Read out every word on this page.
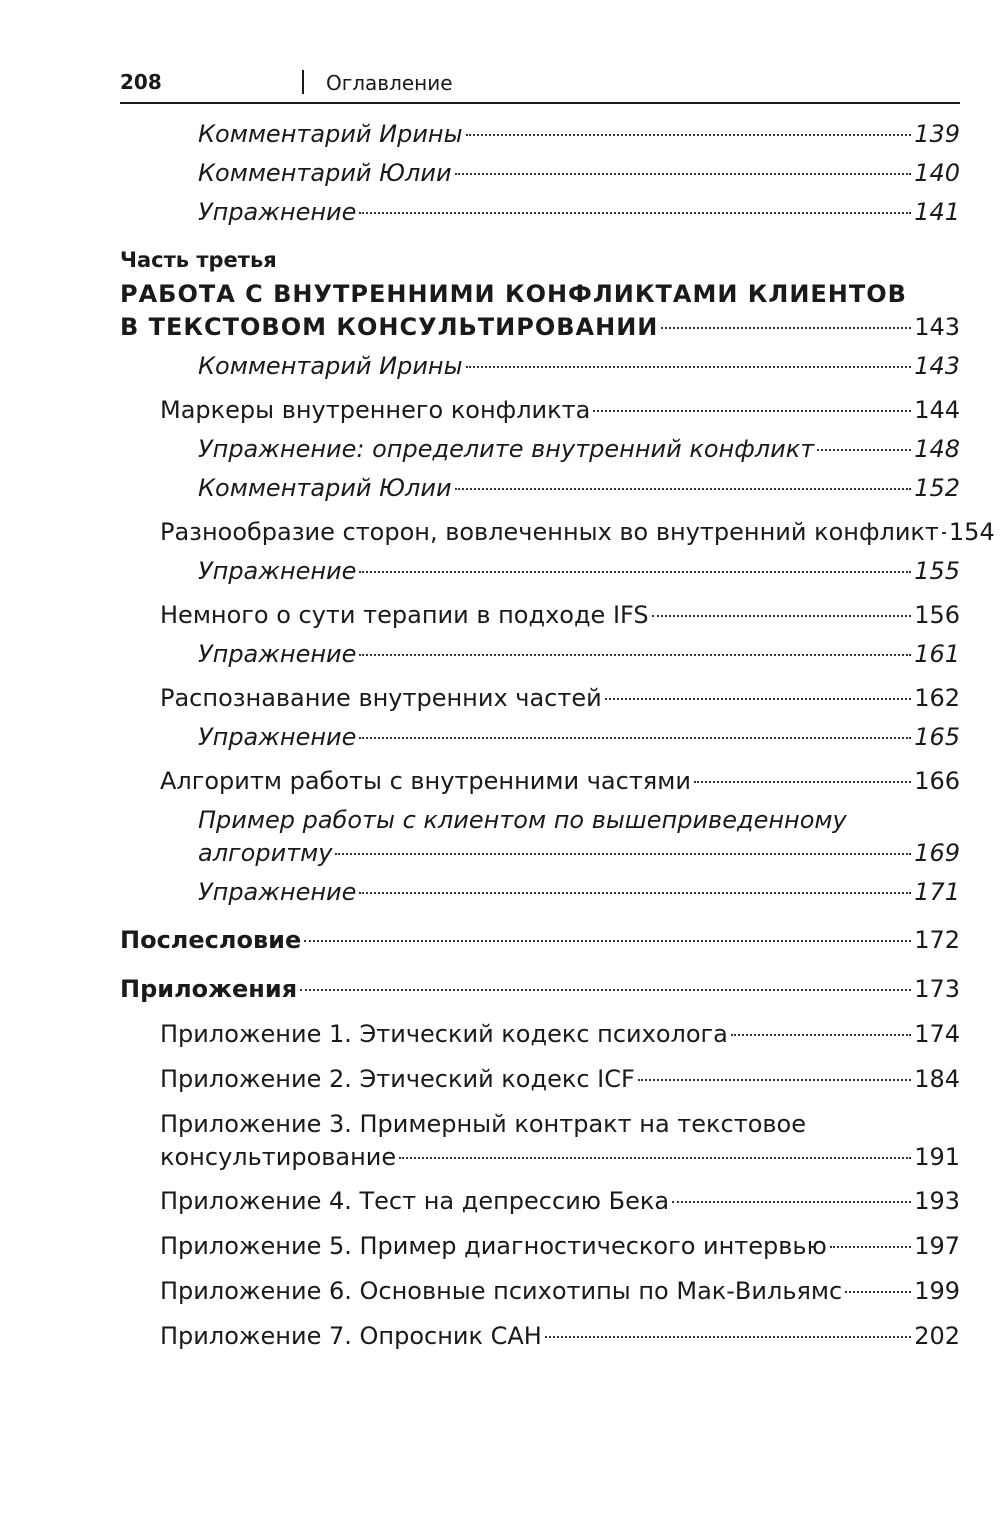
208	Оглавление
Комментарий Ирины	139
Комментарий Юлии	140
Упражнение	141
Часть третья
РАБОТА С ВНУТРЕННИМИ КОНФЛИКТАМИ КЛИЕНТОВ
В ТЕКСТОВОМ КОНСУЛЬТИРОВАНИИ	143
Комментарий Ирины	143
Маркеры внутреннего конфликта	144
Упражнение: определите внутренний конфликт	148
Комментарий Юлии	152
Разнообразие сторон, вовлеченных во внутренний конфликт 154
Упражнение	155
Немного о сути терапии в подходе IFS	156
Упражнение	161
Распознавание внутренних частей	162
Упражнение	165
Алгоритм работы с внутренними частями	166
Пример работы с клиентом по вышеприведенному
алгоритму	169
Упражнение	171
Послесловие	172
Приложения	173
Приложение 1. Этический кодекс психолога	174
Приложение 2. Этический кодекс ICF	184
Приложение 3. Примерный контракт на текстовое
консультирование	191
Приложение 4. Тест на депрессию Бека	193
Приложение 5. Пример диагностического интервью	197
Приложение 6. Основные психотипы по Мак-Вильямс	199
Приложение 7. Опросник САН	202
